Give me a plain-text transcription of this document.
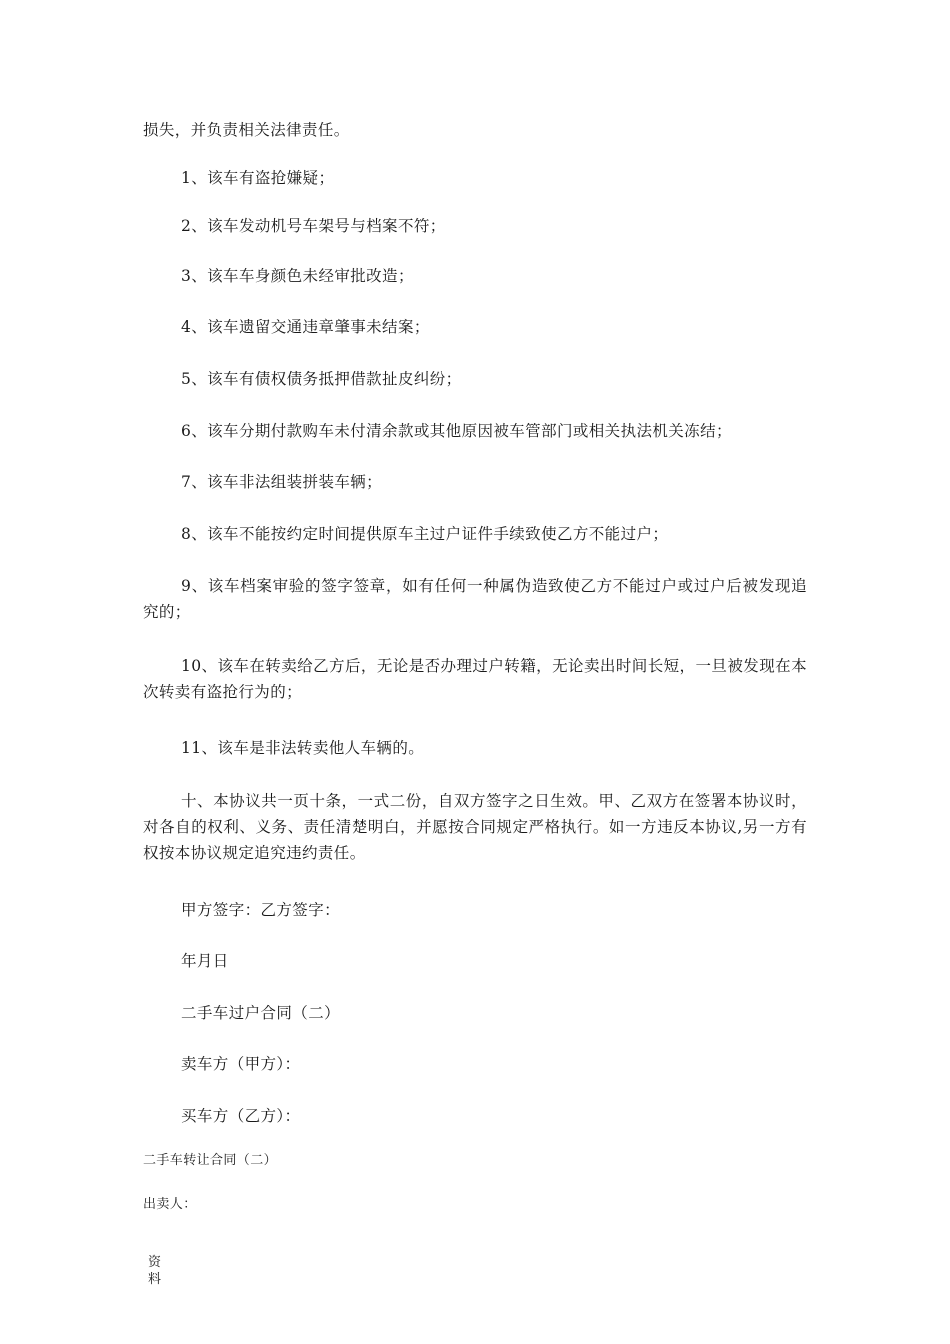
损失，并负责相关法律责任。

1、该车有盗抢嫌疑；

2、该车发动机号车架号与档案不符；

3、该车车身颜色未经审批改造；

4、该车遗留交通违章肇事未结案；

5、该车有债权债务抵押借款扯皮纠纷；

6、该车分期付款购车未付清余款或其他原因被车管部门或相关执法机关冻结；

7、该车非法组装拼装车辆；

8、该车不能按约定时间提供原车主过户证件手续致使乙方不能过户；

9、该车档案审验的签字签章，如有任何一种属伪造致使乙方不能过户或过户后被发现追究的；

10、该车在转卖给乙方后，无论是否办理过户转籍，无论卖出时间长短，一旦被发现在本次转卖有盗抢行为的；

11、该车是非法转卖他人车辆的。

十、本协议共一页十条，一式二份，自双方签字之日生效。甲、乙双方在签署本协议时，对各自的权利、义务、责任清楚明白，并愿按合同规定严格执行。如一方违反本协议,另一方有权按本协议规定追究违约责任。

甲方签字：乙方签字：

年月日

二手车过户合同（二）

卖车方（甲方）：

买车方（乙方）：

二手车转让合同（二）

出卖人：

资料
